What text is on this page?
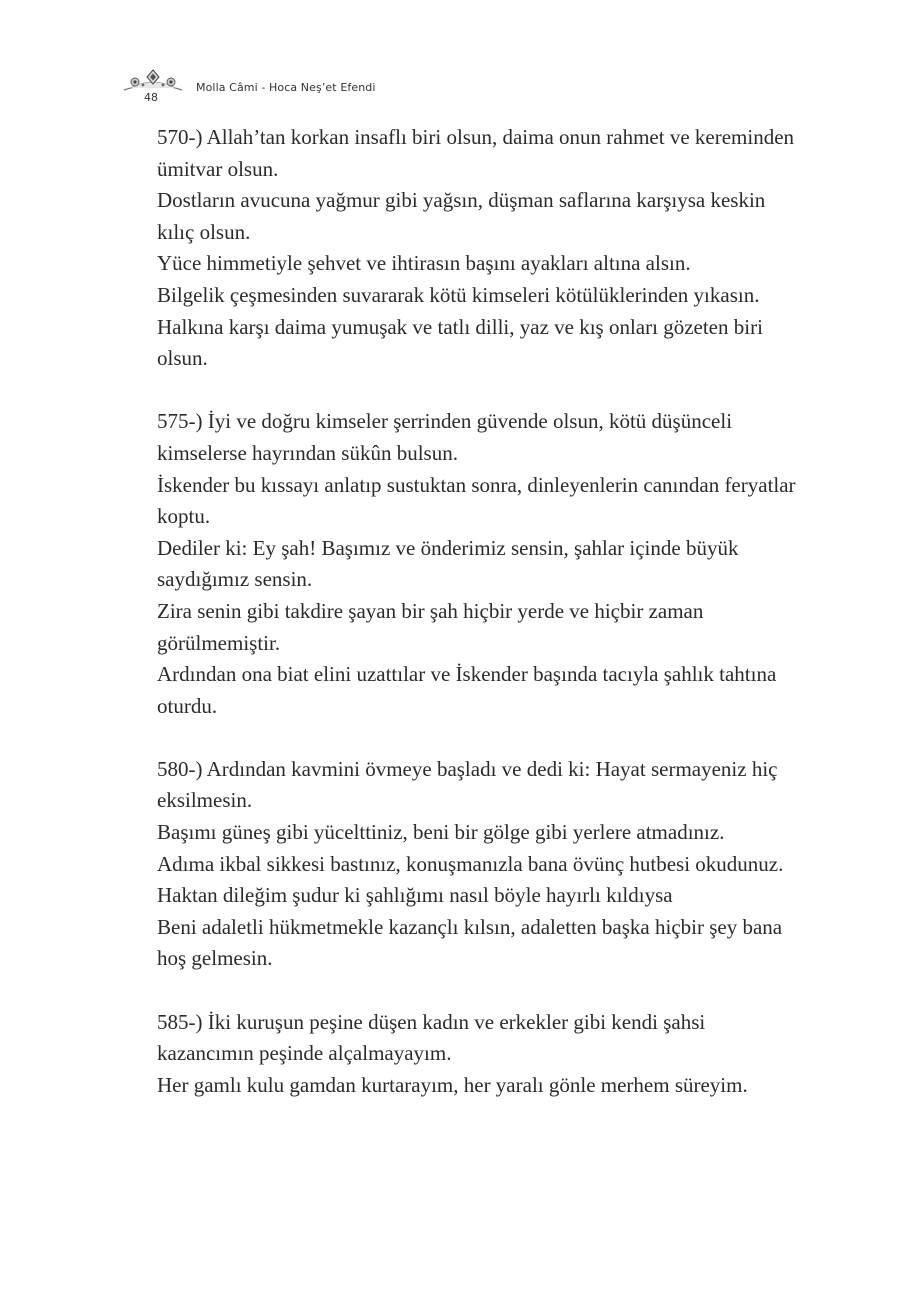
48
Molla Câmi - Hoca Neş’et Efendi

570-) Allah’tan korkan insaflı biri olsun, daima onun rahmet ve kereminden ümitvar olsun.

Dostların avucuna yağmur gibi yağsın, düşman saflarına karşıysa keskin kılıç olsun.

Yüce himmetiyle şehvet ve ihtirasın başını ayakları altına alsın.

Bilgelik çeşmesinden suvararak kötü kimseleri kötülüklerinden yıkasın.

Halkına karşı daima yumuşak ve tatlı dilli, yaz ve kış onları gözeten biri olsun.

575-) İyi ve doğru kimseler şerrinden güvende olsun, kötü düşünceli kimselerse hayrından sükûn bulsun.

İskender bu kıssayı anlatıp sustuktan sonra, dinleyenlerin canından feryatlar koptu.

Dediler ki: Ey şah! Başımız ve önderimiz sensin, şahlar içinde büyük saydığımız sensin.

Zira senin gibi takdire şayan bir şah hiçbir yerde ve hiçbir zaman görülmemiştir.

Ardından ona biat elini uzattılar ve İskender başında tacıyla şahlık tahtına oturdu.

580-) Ardından kavmini övmeye başladı ve dedi ki: Hayat sermayeniz hiç eksilmesin.

Başımı güneş gibi yücelttiniz, beni bir gölge gibi yerlere atmadınız.

Adıma ikbal sikkesi bastınız, konuşmanızla bana övünç hutbesi okudunuz.

Haktan dileğim şudur ki şahlığımı nasıl böyle hayırlı kıldıysa

Beni adaletli hükmetmekle kazançlı kılsın, adaletten başka hiçbir şey bana hoş gelmesin.

585-) İki kuruşun peşine düşen kadın ve erkekler gibi kendi şahsi kazancımın peşinde alçalmayayım.

Her gamlı kulu gamdan kurtarayım, her yaralı gönle merhem süreyim.
